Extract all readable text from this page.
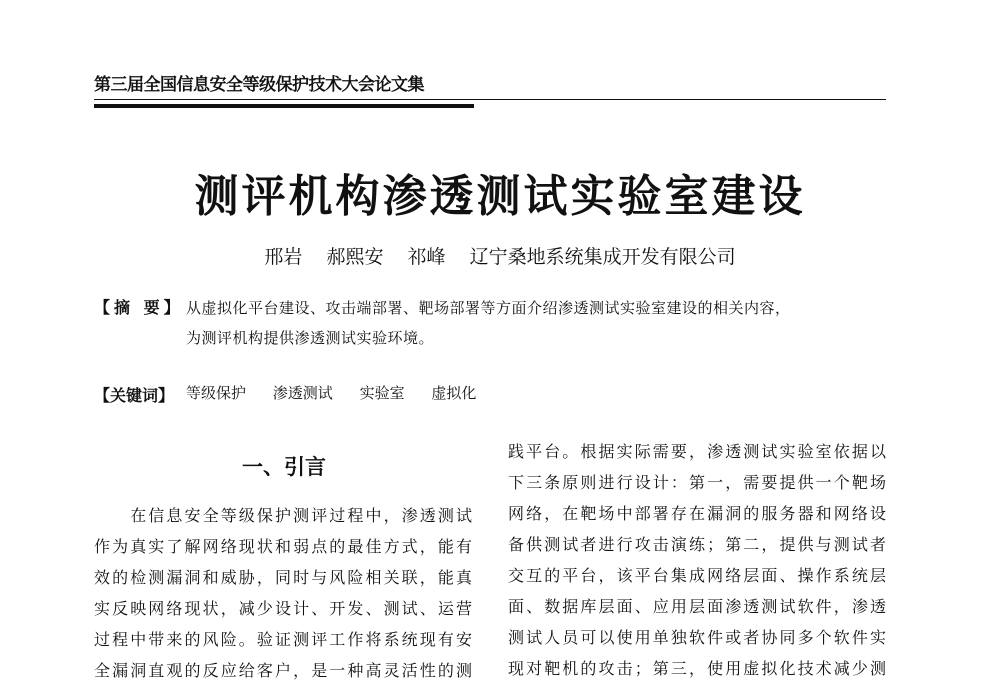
第三届全国信息安全等级保护技术大会论文集
测评机构渗透测试实验室建设
邢岩 郝熙安 祁峰 辽宁桑地系统集成开发有限公司
【摘 要】 从虚拟化平台建设、攻击端部署、靶场部署等方面介绍渗透测试实验室建设的相关内容，
为测评机构提供渗透测试实验环境。
【关键词】 等级保护 渗透测试 实验室 虚拟化
一、引言
　　在信息安全等级保护测评过程中，渗透测试
作为真实了解网络现状和弱点的最佳方式，能有
效的检测漏洞和威胁，同时与风险相关联，能真
实反映网络现状，减少设计、开发、测试、运营
过程中带来的风险。验证测评工作将系统现有安
全漏洞直观的反应给客户，是一种高灵活性的测
践平台。根据实际需要，渗透测试实验室依据以
下三条原则进行设计：第一，需要提供一个靶场
网络，在靶场中部署存在漏洞的服务器和网络设
备供测试者进行攻击演练；第二，提供与测试者
交互的平台，该平台集成网络层面、操作系统层
面、数据库层面、应用层面渗透测试软件，渗透
测试人员可以使用单独软件或者协同多个软件实
现对靶机的攻击；第三，使用虚拟化技术减少测
